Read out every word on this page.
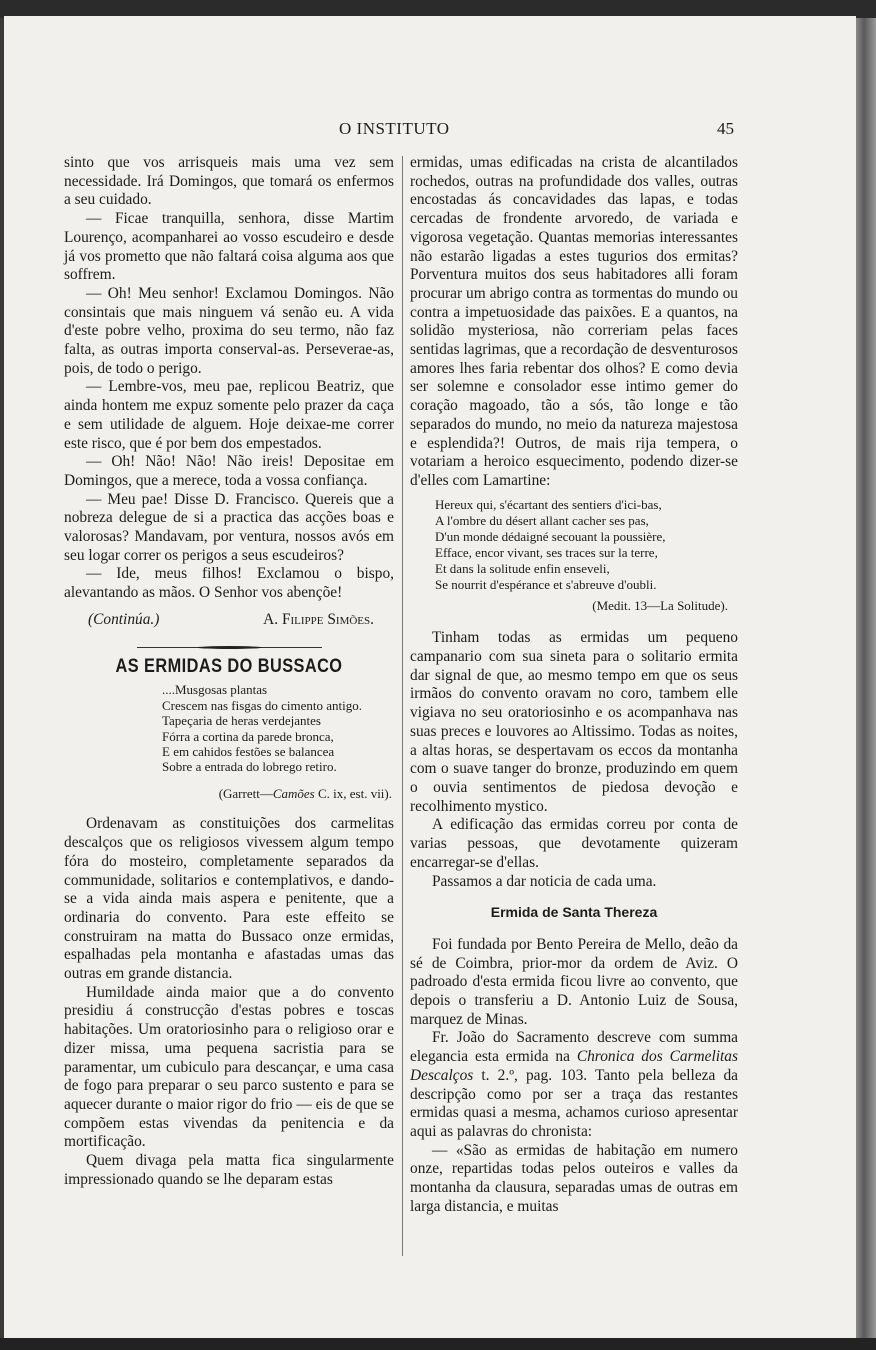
O INSTITUTO	45

sinto que vos arrisqueis mais uma vez sem necessidade. Irá Domingos, que tomará os enfermos a seu cuidado.

— Ficae tranquilla, senhora, disse Martim Lourenço, acompanharei ao vosso escudeiro e desde já vos prometto que não faltará coisa alguma aos que soffrem.

— Oh! Meu senhor! Exclamou Domingos. Não consintais que mais ninguem vá senão eu. A vida d'este pobre velho, proxima do seu termo, não faz falta, as outras importa conserval-as. Perseverae-as, pois, de todo o perigo.

— Lembre-vos, meu pae, replicou Beatriz, que ainda hontem me expuz somente pelo prazer da caça e sem utilidade de alguem. Hoje deixae-me correr este risco, que é por bem dos empestados.

— Oh! Não! Não! Não ireis! Depositae em Domingos, que a merece, toda a vossa confiança.

— Meu pae! Disse D. Francisco. Quereis que a nobreza delegue de si a practica das acções boas e valorosas? Mandavam, por ventura, nossos avós em seu logar correr os perigos a seus escudeiros?

— Ide, meus filhos! Exclamou o bispo, alevantando as mãos. O Senhor vos abençõe!

(Continúa.)	A. Filippe Simões.
AS ERMIDAS DO BUSSACO
....Musgosas plantas
Crescem nas fisgas do cimento antigo.
Tapeçaria de heras verdejantes
Fórra a cortina da parede bronca,
E em cahidos festões se balancea
Sobre a entrada do lobrego retiro.
(Garrett—Camões C. ix, est. vii).

Ordenavam as constituições dos carmelitas descalços que os religiosos vivessem algum tempo fóra do mosteiro, completamente separados da communidade, solitarios e contemplativos, e dando-se a vida ainda mais aspera e penitente, que a ordinaria do convento. Para este effeito se construiram na matta do Bussaco onze ermidas, espalhadas pela montanha e afastadas umas das outras em grande distancia.

Humildade ainda maior que a do convento presidiu á construcção d'estas pobres e toscas habitações. Um oratoriosinho para o religioso orar e dizer missa, uma pequena sacristia para se paramentar, um cubiculo para descançar, e uma casa de fogo para preparar o seu parco sustento e para se aquecer durante o maior rigor do frio — eis de que se compõem estas vivendas da penitencia e da mortificação.

Quem divaga pela matta fica singularmente impressionado quando se lhe deparam estas

ermidas, umas edificadas na crista de alcantilados rochedos, outras na profundidade dos valles, outras encostadas ás concavidades das lapas, e todas cercadas de frondente arvoredo, de variada e vigorosa vegetação. Quantas memorias interessantes não estarão ligadas a estes tugurios dos ermitas? Porventura muitos dos seus habitadores alli foram procurar um abrigo contra as tormentas do mundo ou contra a impetuosidade das paixões. E a quantos, na solidão mysteriosa, não correriam pelas faces sentidas lagrimas, que a recordação de desventurosos amores lhes faria rebentar dos olhos? E como devia ser solemne e consolador esse intimo gemer do coração magoado, tão a sós, tão longe e tão separados do mundo, no meio da natureza majestosa e esplendida?! Outros, de mais rija tempera, o votariam a heroico esquecimento, podendo dizer-se d'elles com Lamartine:

Hereux qui, s'écartant des sentiers d'ici-bas,
A l'ombre du désert allant cacher ses pas,
D'un monde dédaigné secouant la poussière,
Efface, encor vivant, ses traces sur la terre,
Et dans la solitude enfin enseveli,
Se nourrit d'espérance et s'abreuve d'oubli.
(Medit. 13—La Solitude).

Tinham todas as ermidas um pequeno campanario com sua sineta para o solitario ermita dar signal de que, ao mesmo tempo em que os seus irmãos do convento oravam no coro, tambem elle vigiava no seu oratoriosinho e os acompanhava nas suas preces e louvores ao Altissimo. Todas as noites, a altas horas, se despertavam os eccos da montanha com o suave tanger do bronze, produzindo em quem o ouvia sentimentos de piedosa devoção e recolhimento mystico.

A edificação das ermidas correu por conta de varias pessoas, que devotamente quizeram encarregar-se d'ellas.

Passamos a dar noticia de cada uma.

Ermida de Santa Thereza

Foi fundada por Bento Pereira de Mello, deão da sé de Coimbra, prior-mor da ordem de Aviz. O padroado d'esta ermida ficou livre ao convento, que depois o transferiu a D. Antonio Luiz de Sousa, marquez de Minas.

Fr. João do Sacramento descreve com summa elegancia esta ermida na Chronica dos Carmelitas Descalços t. 2.º, pag. 103. Tanto pela belleza da descripção como por ser a traça das restantes ermidas quasi a mesma, achamos curioso apresentar aqui as palavras do chronista:

— «São as ermidas de habitação em numero onze, repartidas todas pelos outeiros e valles da montanha da clausura, separadas umas de outras em larga distancia, e muitas
